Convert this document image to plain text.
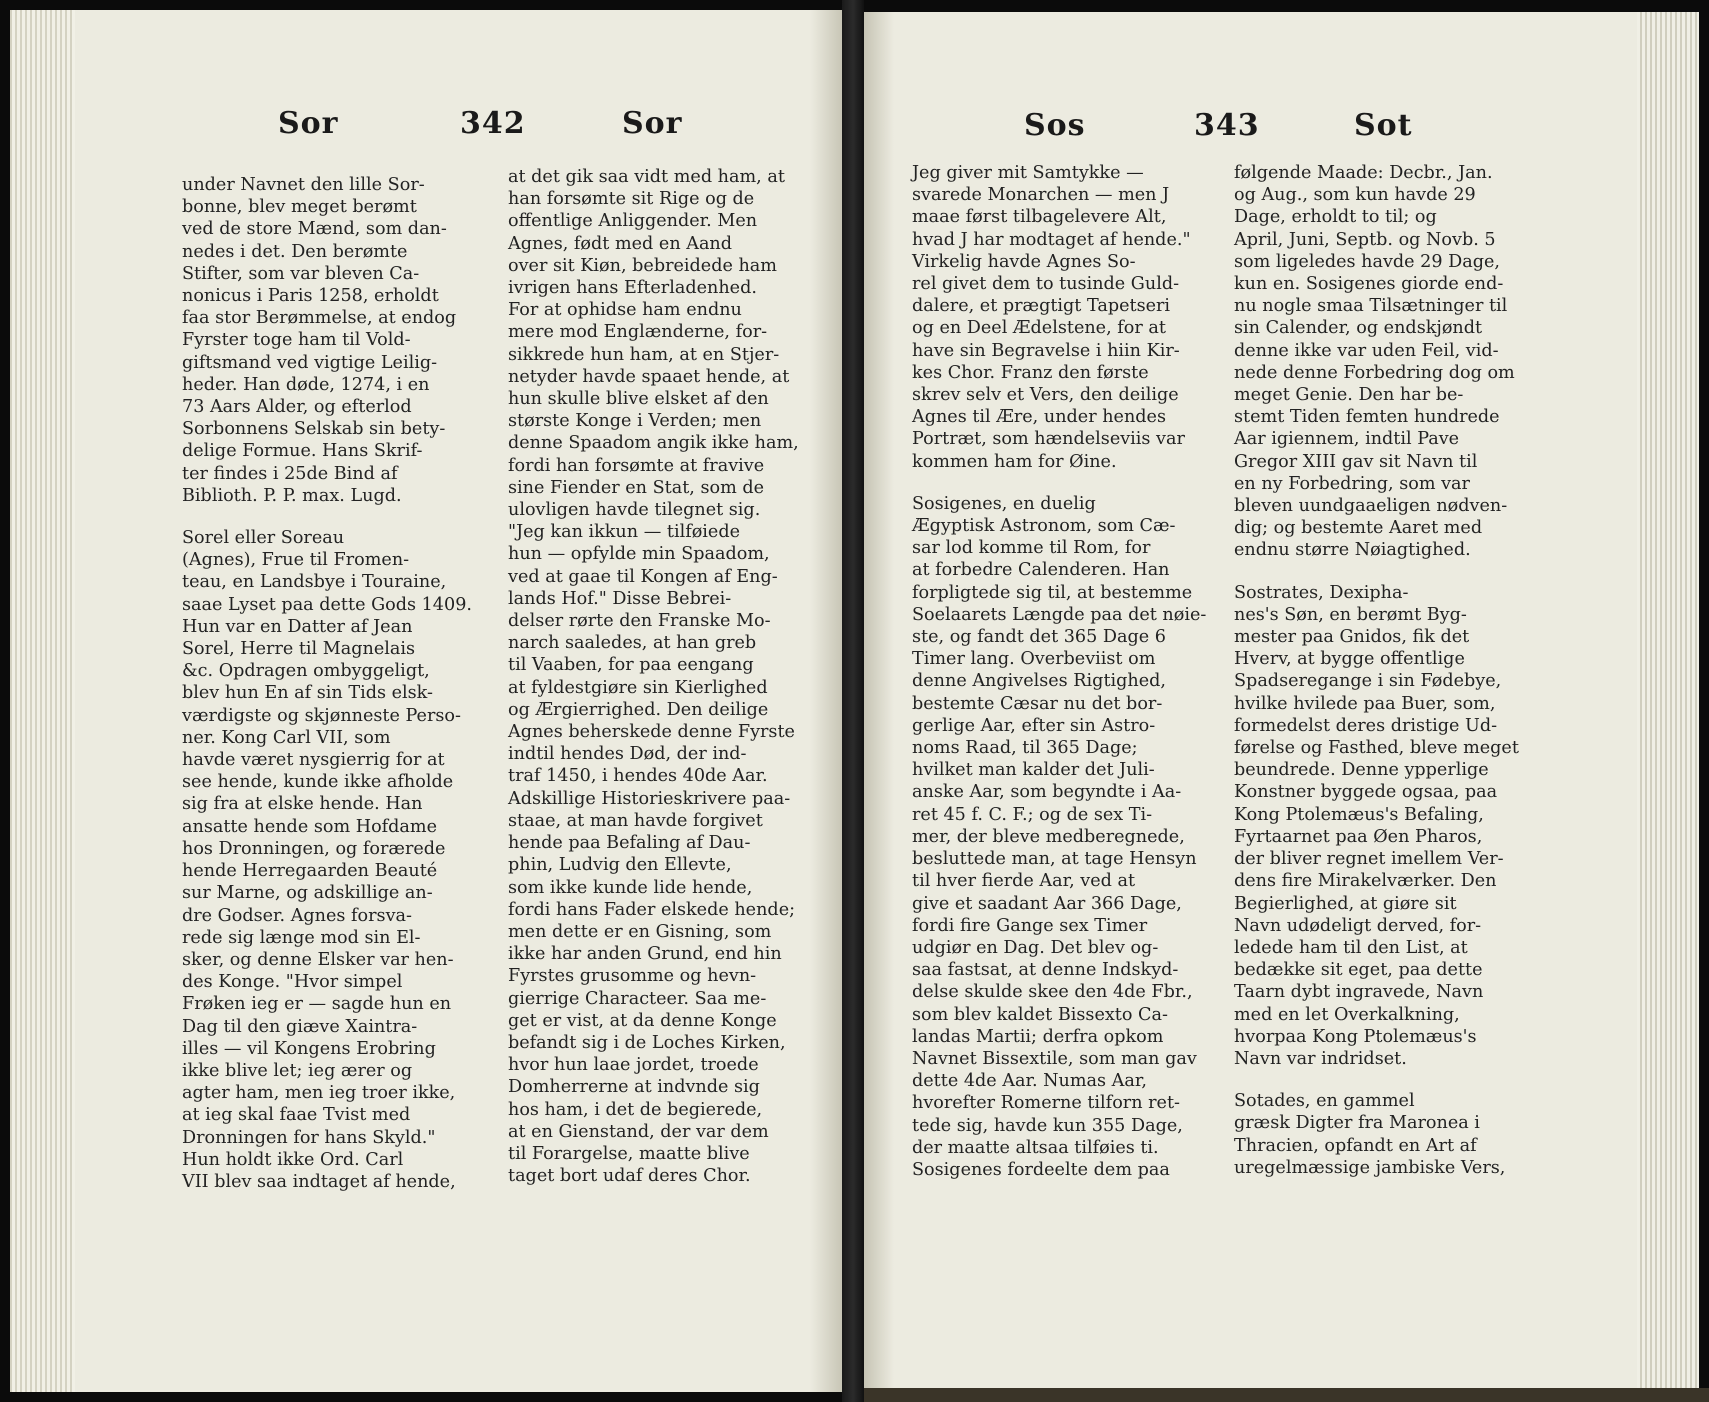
Sor	342	Sor

under Navnet den lille Sor-
bonne, blev meget berømt
ved de store Mænd, som dan-
nedes i det. Den berømte
Stifter, som var bleven Ca-
nonicus i Paris 1258, erholdt
faa stor Berømmelse, at endog
Fyrster toge ham til Vold-
giftsmand ved vigtige Leilig-
heder. Han døde, 1274, i en
73 Aars Alder, og efterlod
Sorbonnens Selskab sin bety-
delige Formue. Hans Skrif-
ter findes i 25de Bind af
Biblioth. P. P. max. Lugd.

Sorel eller Soreau
(Agnes), Frue til Fromen-
teau, en Landsbye i Touraine,
saae Lyset paa dette Gods 1409.
Hun var en Datter af Jean
Sorel, Herre til Magnelais
&c. Opdragen ombyggeligt,
blev hun En af sin Tids elsk-
værdigste og skjønneste Perso-
ner. Kong Carl VII, som
havde været nysgierrig for at
see hende, kunde ikke afholde
sig fra at elske hende. Han
ansatte hende som Hofdame
hos Dronningen, og forærede
hende Herregaarden Beauté
sur Marne, og adskillige an-
dre Godser. Agnes forsva-
rede sig længe mod sin El-
sker, og denne Elsker var hen-
des Konge. "Hvor simpel
Frøken ieg er — sagde hun en
Dag til den giæve Xaintra-
illes — vil Kongens Erobring
ikke blive let; ieg ærer og
agter ham, men ieg troer ikke,
at ieg skal faae Tvist med
Dronningen for hans Skyld."
Hun holdt ikke Ord. Carl
VII blev saa indtaget af hende,

at det gik saa vidt med ham, at
han forsømte sit Rige og de
offentlige Anliggender. Men
Agnes, født med en Aand
over sit Kiøn, bebreidede ham
ivrigen hans Efterladenhed.
For at ophidse ham endnu
mere mod Englænderne, for-
sikkrede hun ham, at en Stjer-
netyder havde spaaet hende, at
hun skulle blive elsket af den
største Konge i Verden; men
denne Spaadom angik ikke ham,
fordi han forsømte at fravive
sine Fiender en Stat, som de
ulovligen havde tilegnet sig.
"Jeg kan ikkun — tilføiede
hun — opfylde min Spaadom,
ved at gaae til Kongen af Eng-
lands Hof." Disse Bebrei-
delser rørte den Franske Mo-
narch saaledes, at han greb
til Vaaben, for paa eengang
at fyldestgiøre sin Kierlighed
og Ærgierrighed. Den deilige
Agnes beherskede denne Fyrste
indtil hendes Død, der ind-
traf 1450, i hendes 40de Aar.
Adskillige Historieskrivere paa-
staae, at man havde forgivet
hende paa Befaling af Dau-
phin, Ludvig den Ellevte,
som ikke kunde lide hende,
fordi hans Fader elskede hende;
men dette er en Gisning, som
ikke har anden Grund, end hin
Fyrstes grusomme og hevn-
gierrige Characteer. Saa me-
get er vist, at da denne Konge
befandt sig i de Loches Kirken,
hvor hun laae jordet, troede
Domherrerne at indvnde sig
hos ham, i det de begierede,
at en Gienstand, der var dem
til Forargelse, maatte blive
taget bort udaf deres Chor.

Sos	343	Sot

Jeg giver mit Samtykke —
svarede Monarchen — men J
maae først tilbagelevere Alt,
hvad J har modtaget af hende."
Virkelig havde Agnes So-
rel givet dem to tusinde Guld-
dalere, et prægtigt Tapetseri
og en Deel Ædelstene, for at
have sin Begravelse i hiin Kir-
kes Chor. Franz den første
skrev selv et Vers, den deilige
Agnes til Ære, under hendes
Portræt, som hændelseviis var
kommen ham for Øine.

Sosigenes, en duelig
Ægyptisk Astronom, som Cæ-
sar lod komme til Rom, for
at forbedre Calenderen. Han
forpligtede sig til, at bestemme
Soelaarets Længde paa det nøie-
ste, og fandt det 365 Dage 6
Timer lang. Overbeviist om
denne Angivelses Rigtighed,
bestemte Cæsar nu det bor-
gerlige Aar, efter sin Astro-
noms Raad, til 365 Dage;
hvilket man kalder det Juli-
anske Aar, som begyndte i Aa-
ret 45 f. C. F.; og de sex Ti-
mer, der bleve medberegnede,
besluttede man, at tage Hensyn
til hver fierde Aar, ved at
give et saadant Aar 366 Dage,
fordi fire Gange sex Timer
udgiør en Dag. Det blev og-
saa fastsat, at denne Indskyd-
delse skulde skee den 4de Fbr.,
som blev kaldet Bissexto Ca-
landas Martii; derfra opkom
Navnet Bissextile, som man gav
dette 4de Aar. Numas Aar,
hvorefter Romerne tilforn ret-
tede sig, havde kun 355 Dage,
der maatte altsaa tilføies ti.
Sosigenes fordeelte dem paa

følgende Maade: Decbr., Jan.
og Aug., som kun havde 29
Dage, erholdt to til; og
April, Juni, Septb. og Novb. 5
som ligeledes havde 29 Dage,
kun en. Sosigenes giorde end-
nu nogle smaa Tilsætninger til
sin Calender, og endskjøndt
denne ikke var uden Feil, vid-
nede denne Forbedring dog om
meget Genie. Den har be-
stemt Tiden femten hundrede
Aar igiennem, indtil Pave
Gregor XIII gav sit Navn til
en ny Forbedring, som var
bleven uundgaaeligen nødven-
dig; og bestemte Aaret med
endnu større Nøiagtighed.

Sostrates, Dexipha-
nes's Søn, en berømt Byg-
mester paa Gnidos, fik det
Hverv, at bygge offentlige
Spadseregange i sin Fødebye,
hvilke hvilede paa Buer, som,
formedelst deres dristige Ud-
førelse og Fasthed, bleve meget
beundrede. Denne ypperlige
Konstner byggede ogsaa, paa
Kong Ptolemæus's Befaling,
Fyrtaarnet paa Øen Pharos,
der bliver regnet imellem Ver-
dens fire Mirakelværker. Den
Begierlighed, at giøre sit
Navn udødeligt derved, for-
ledede ham til den List, at
bedække sit eget, paa dette
Taarn dybt ingravede, Navn
med en let Overkalkning,
hvorpaa Kong Ptolemæus's
Navn var indridset.

Sotades, en gammel
græsk Digter fra Maronea i
Thracien, opfandt en Art af
uregelmæssige jambiske Vers,
